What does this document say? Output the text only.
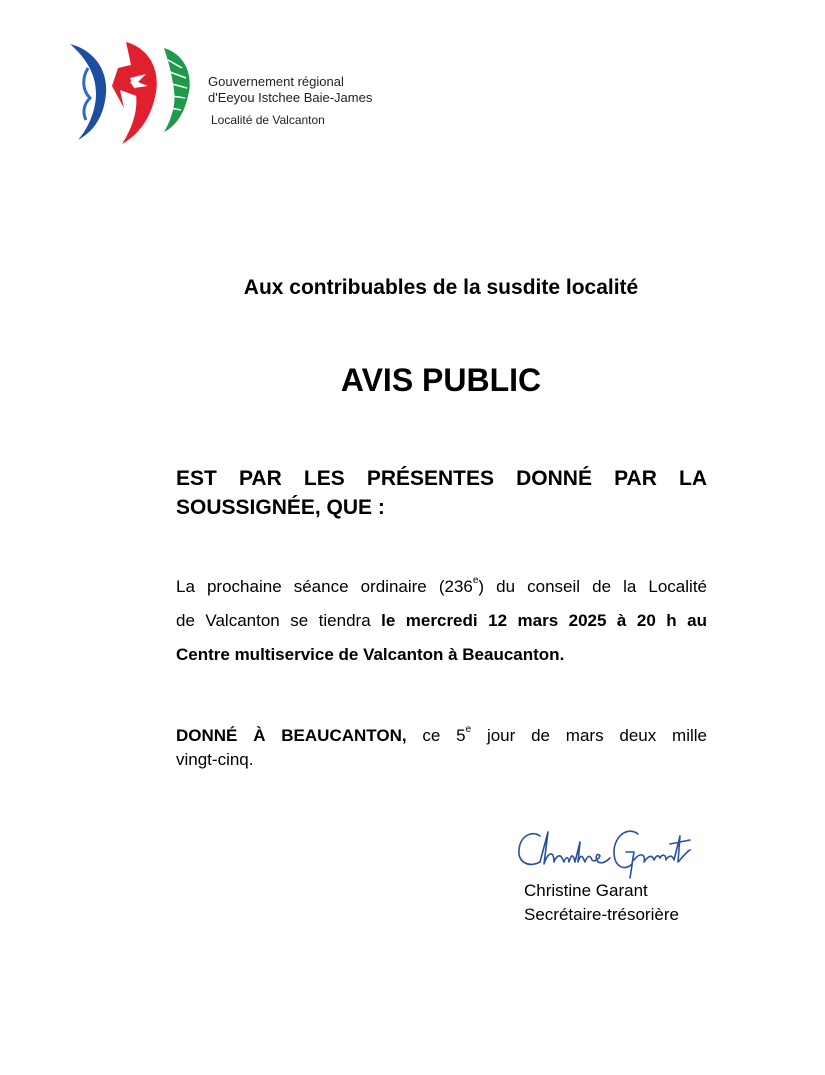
Gouvernement régional
d'Eeyou Istchee Baie-James
Localité de Valcanton
Aux contribuables de la susdite localité
AVIS PUBLIC
EST PAR LES PRÉSENTES DONNÉ PAR LA
SOUSSIGNÉE, QUE :
La prochaine séance ordinaire (236e) du conseil de la Localité
de Valcanton se tiendra le mercredi 12 mars 2025 à 20 h au
Centre multiservice de Valcanton à Beaucanton.
DONNÉ À BEAUCANTON, ce 5e jour de mars deux mille
vingt-cinq.
Christine Garant
Secrétaire-trésorière
